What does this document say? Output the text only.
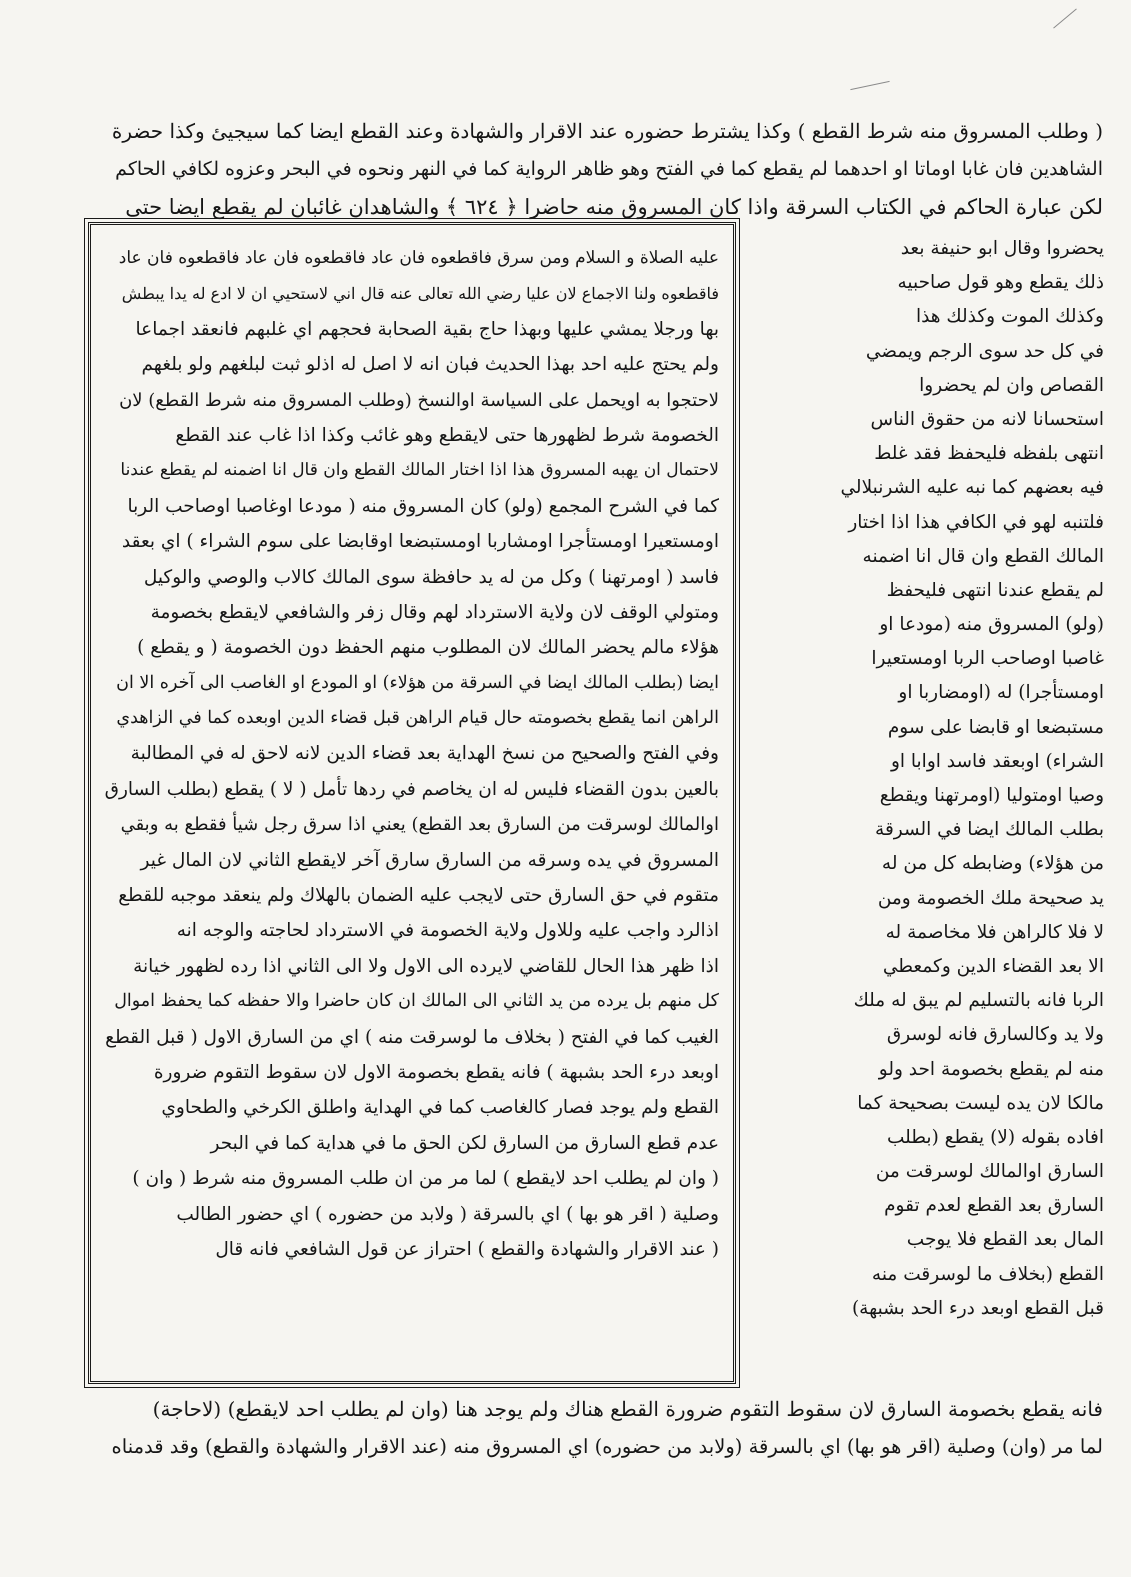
( وطلب المسروق منه شرط القطع ) وكذا يشترط حضوره عند الاقرار والشهادة وعند القطع ايضا كما سيجيئ وكذا حضرة
الشاهدين فان غابا اوماتا او احدهما لم يقطع كما في الفتح وهو ظاهر الرواية كما في النهر ونحوه في البحر وعزوه لكافي الحاكم
لكن عبارة الحاكم في الكتاب السرقة واذا كان المسروق منه حاضرا ﴿ ٦٢٤ ﴾ والشاهدان غائبان لم يقطع ايضا حتى
عليه الصلاة و السلام ومن سرق فاقطعوه فان عاد فاقطعوه فان عاد فاقطعوه فان عاد
فاقطعوه ولنا الاجماع لان عليا رضي الله تعالى عنه قال اني لاستحيي ان لا ادع له يدا يبطش
بها ورجلا يمشي عليها وبهذا حاج بقية الصحابة فحجهم اي غلبهم فانعقد اجماعا
ولم يحتج عليه احد بهذا الحديث فبان انه لا اصل له اذلو ثبت لبلغهم ولو بلغهم
لاحتجوا به اويحمل على السياسة اوالنسخ (وطلب المسروق منه شرط القطع) لان
الخصومة شرط لظهورها حتى لايقطع وهو غائب وكذا اذا غاب عند القطع
لاحتمال ان يهبه المسروق هذا اذا اختار المالك القطع وان قال انا اضمنه لم يقطع عندنا
كما في الشرح المجمع (ولو) كان المسروق منه ( مودعا اوغاصبا اوصاحب الربا
اومستعيرا اومستأجرا اومشاربا اومستبضعا اوقابضا على سوم الشراء ) اي بعقد
فاسد ( اومرتهنا ) وكل من له يد حافظة سوى المالك كالاب والوصي والوكيل
ومتولي الوقف لان ولاية الاسترداد لهم وقال زفر والشافعي لايقطع بخصومة
هؤلاء مالم يحضر المالك لان المطلوب منهم الحفظ دون الخصومة ( و يقطع )
ايضا (بطلب المالك ايضا في السرقة من هؤلاء) او المودع او الغاصب الى آخره الا ان
الراهن انما يقطع بخصومته حال قيام الراهن قبل قضاء الدين اوبعده كما في الزاهدي
وفي الفتح والصحيح من نسخ الهداية بعد قضاء الدين لانه لاحق له في المطالبة
بالعين بدون القضاء فليس له ان يخاصم في ردها تأمل ( لا ) يقطع (بطلب السارق
اوالمالك لوسرقت من السارق بعد القطع) يعني اذا سرق رجل شيأ فقطع به وبقي
المسروق في يده وسرقه من السارق سارق آخر لايقطع الثاني لان المال غير
متقوم في حق السارق حتى لايجب عليه الضمان بالهلاك ولم ينعقد موجبه للقطع
اذالرد واجب عليه وللاول ولاية الخصومة في الاسترداد لحاجته والوجه انه
اذا ظهر هذا الحال للقاضي لايرده الى الاول ولا الى الثاني اذا رده لظهور خيانة
كل منهم بل يرده من يد الثاني الى المالك ان كان حاضرا والا حفظه كما يحفظ اموال
الغيب كما في الفتح ( بخلاف ما لوسرقت منه ) اي من السارق الاول ( قبل القطع
اوبعد درء الحد بشبهة ) فانه يقطع بخصومة الاول لان سقوط التقوم ضرورة
القطع ولم يوجد فصار كالغاصب كما في الهداية واطلق الكرخي والطحاوي
عدم قطع السارق من السارق لكن الحق ما في هداية كما في البحر
( وان لم يطلب احد لايقطع ) لما مر من ان طلب المسروق منه شرط ( وان )
وصلية ( اقر هو بها ) اي بالسرقة ( ولابد من حضوره ) اي حضور الطالب
( عند الاقرار والشهادة والقطع ) احتراز عن قول الشافعي فانه قال
يحضروا وقال ابو حنيفة بعد
ذلك يقطع وهو قول صاحبيه
وكذلك الموت وكذلك هذا
في كل حد سوى الرجم ويمضي
القصاص وان لم يحضروا
استحسانا لانه من حقوق الناس
انتهى بلفظه فليحفظ فقد غلط
فيه بعضهم كما نبه عليه الشرنبلالي
فلتنبه لهو في الكافي هذا اذا اختار
المالك القطع وان قال انا اضمنه
لم يقطع عندنا انتهى فليحفظ
(ولو) المسروق منه (مودعا او
غاصبا اوصاحب الربا اومستعيرا
اومستأجرا) له (اومضاربا او
مستبضعا او قابضا على سوم
الشراء) اوبعقد فاسد اوابا او
وصيا اومتوليا (اومرتهنا ويقطع
بطلب المالك ايضا في السرقة
من هؤلاء) وضابطه كل من له
يد صحيحة ملك الخصومة ومن
لا فلا كالراهن فلا مخاصمة له
الا بعد القضاء الدين وكمعطي
الربا فانه بالتسليم لم يبق له ملك
ولا يد وكالسارق فانه لوسرق
منه لم يقطع بخصومة احد ولو
مالكا لان يده ليست بصحيحة كما
افاده بقوله (لا) يقطع (بطلب
السارق اوالمالك لوسرقت من
السارق بعد القطع لعدم تقوم
المال بعد القطع فلا يوجب
القطع (بخلاف ما لوسرقت منه
قبل القطع اوبعد درء الحد بشبهة)
فانه يقطع بخصومة السارق لان سقوط التقوم ضرورة القطع هناك ولم يوجد هنا (وان لم يطلب احد لايقطع) (لاحاجة)
لما مر (وان) وصلية (اقر هو بها) اي بالسرقة (ولابد من حضوره) اي المسروق منه (عند الاقرار والشهادة والقطع) وقد قدمناه
